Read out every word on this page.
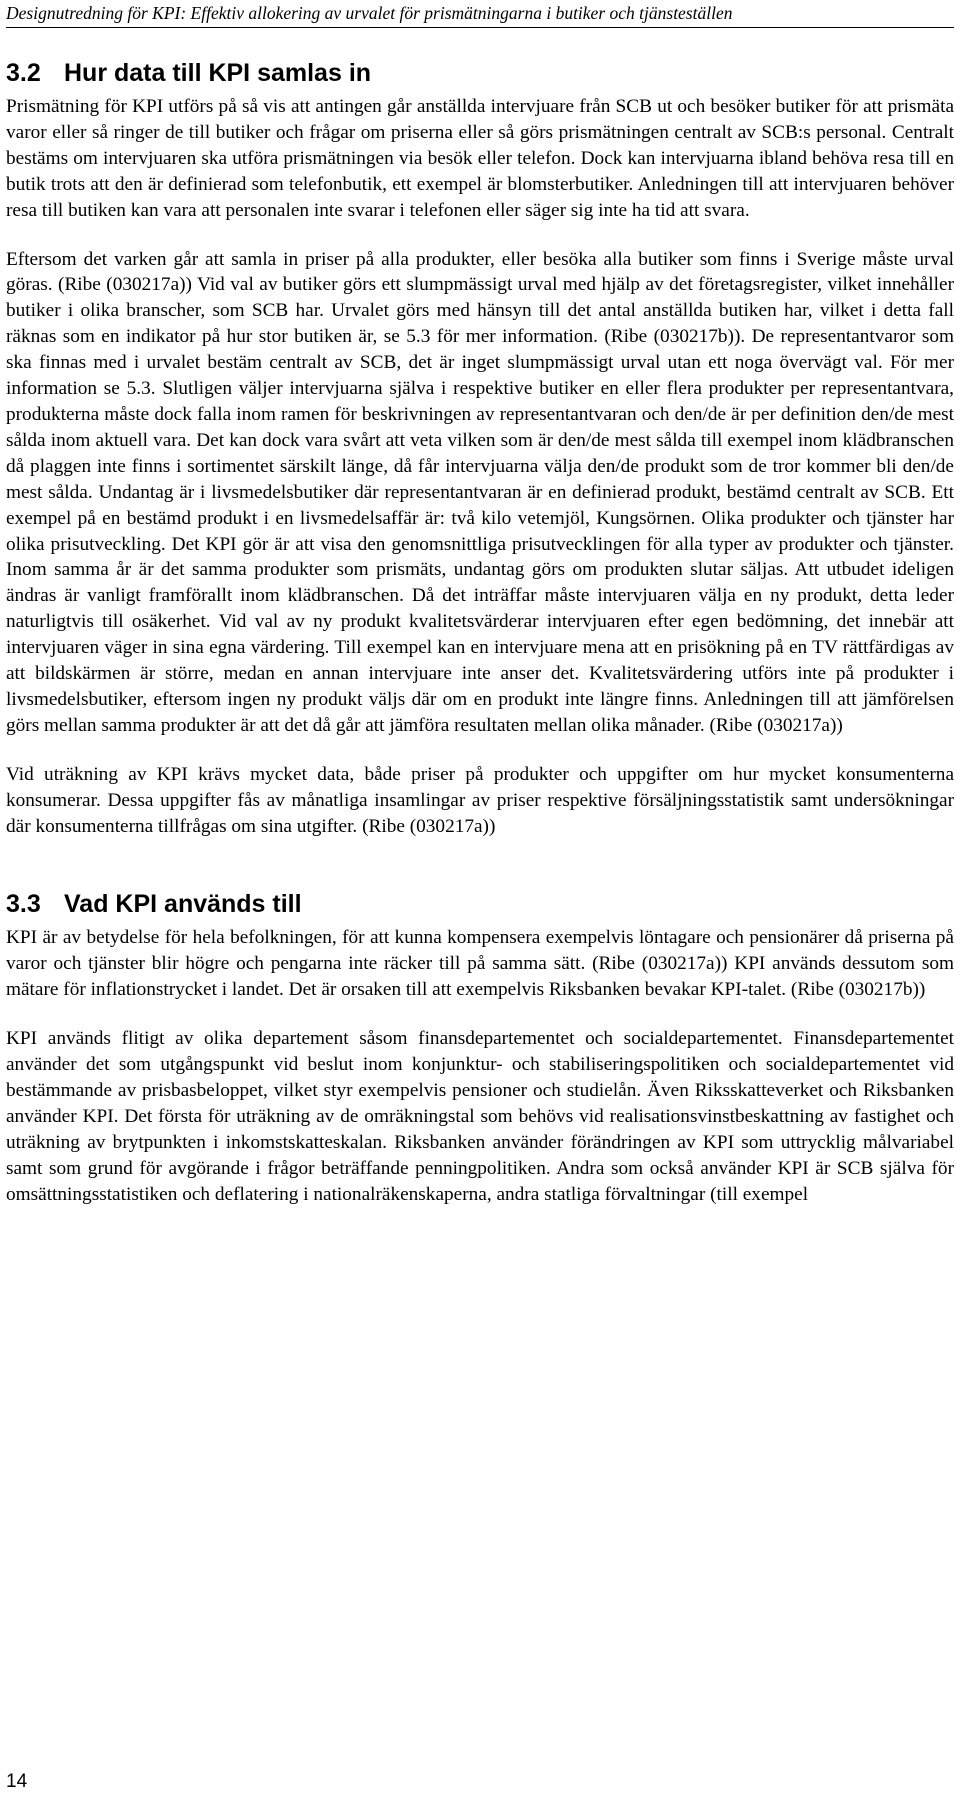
Designutredning för KPI: Effektiv allokering av urvalet för prismätningarna i butiker och tjänsteställen
3.2 Hur data till KPI samlas in

Prismätning för KPI utförs på så vis att antingen går anställda intervjuare från SCB ut och besöker butiker för att prismäta varor eller så ringer de till butiker och frågar om priserna eller så görs prismätningen centralt av SCB:s personal. Centralt bestäms om intervjuaren ska utföra prismätningen via besök eller telefon. Dock kan intervjuarna ibland behöva resa till en butik trots att den är definierad som telefonbutik, ett exempel är blomsterbutiker. Anledningen till att intervjuaren behöver resa till butiken kan vara att personalen inte svarar i telefonen eller säger sig inte ha tid att svara.

Eftersom det varken går att samla in priser på alla produkter, eller besöka alla butiker som finns i Sverige måste urval göras. (Ribe (030217a)) Vid val av butiker görs ett slumpmässigt urval med hjälp av det företagsregister, vilket innehåller butiker i olika branscher, som SCB har. Urvalet görs med hänsyn till det antal anställda butiken har, vilket i detta fall räknas som en indikator på hur stor butiken är, se 5.3 för mer information. (Ribe (030217b)). De representantvaror som ska finnas med i urvalet bestäm centralt av SCB, det är inget slumpmässigt urval utan ett noga övervägt val. För mer information se 5.3. Slutligen väljer intervjuarna själva i respektive butiker en eller flera produkter per representantvara, produkterna måste dock falla inom ramen för beskrivningen av representantvaran och den/de är per definition den/de mest sålda inom aktuell vara. Det kan dock vara svårt att veta vilken som är den/de mest sålda till exempel inom klädbranschen då plaggen inte finns i sortimentet särskilt länge, då får intervjuarna välja den/de produkt som de tror kommer bli den/de mest sålda. Undantag är i livsmedelsbutiker där representantvaran är en definierad produkt, bestämd centralt av SCB. Ett exempel på en bestämd produkt i en livsmedelsaffär är: två kilo vetemjöl, Kungsörnen. Olika produkter och tjänster har olika prisutveckling. Det KPI gör är att visa den genomsnittliga prisutvecklingen för alla typer av produkter och tjänster. Inom samma år är det samma produkter som prismäts, undantag görs om produkten slutar säljas. Att utbudet ideligen ändras är vanligt framförallt inom klädbranschen. Då det inträffar måste intervjuaren välja en ny produkt, detta leder naturligtvis till osäkerhet. Vid val av ny produkt kvalitetsvärderar intervjuaren efter egen bedömning, det innebär att intervjuaren väger in sina egna värdering. Till exempel kan en intervjuare mena att en prisökning på en TV rättfärdigas av att bildskärmen är större, medan en annan intervjuare inte anser det. Kvalitetsvärdering utförs inte på produkter i livsmedelsbutiker, eftersom ingen ny produkt väljs där om en produkt inte längre finns. Anledningen till att jämförelsen görs mellan samma produkter är att det då går att jämföra resultaten mellan olika månader. (Ribe (030217a))

Vid uträkning av KPI krävs mycket data, både priser på produkter och uppgifter om hur mycket konsumenterna konsumerar. Dessa uppgifter fås av månatliga insamlingar av priser respektive försäljningsstatistik samt undersökningar där konsumenterna tillfrågas om sina utgifter. (Ribe (030217a))

3.3 Vad KPI används till

KPI är av betydelse för hela befolkningen, för att kunna kompensera exempelvis löntagare och pensionärer då priserna på varor och tjänster blir högre och pengarna inte räcker till på samma sätt. (Ribe (030217a)) KPI används dessutom som mätare för inflationstrycket i landet. Det är orsaken till att exempelvis Riksbanken bevakar KPI-talet. (Ribe (030217b))

KPI används flitigt av olika departement såsom finansdepartementet och socialdepartementet. Finansdepartementet använder det som utgångspunkt vid beslut inom konjunktur- och stabiliseringspolitiken och socialdepartementet vid bestämmande av prisbasbeloppet, vilket styr exempelvis pensioner och studielån. Även Riksskatteverket och Riksbanken använder KPI. Det första för uträkning av de omräkningstal som behövs vid realisationsvinstbeskattning av fastighet och uträkning av brytpunkten i inkomstskatteskalan. Riksbanken använder förändringen av KPI som uttrycklig målvariabel samt som grund för avgörande i frågor beträffande penningpolitiken. Andra som också använder KPI är SCB själva för omsättningsstatistiken och deflatering i nationalräkenskaperna, andra statliga förvaltningar (till exempel

14
